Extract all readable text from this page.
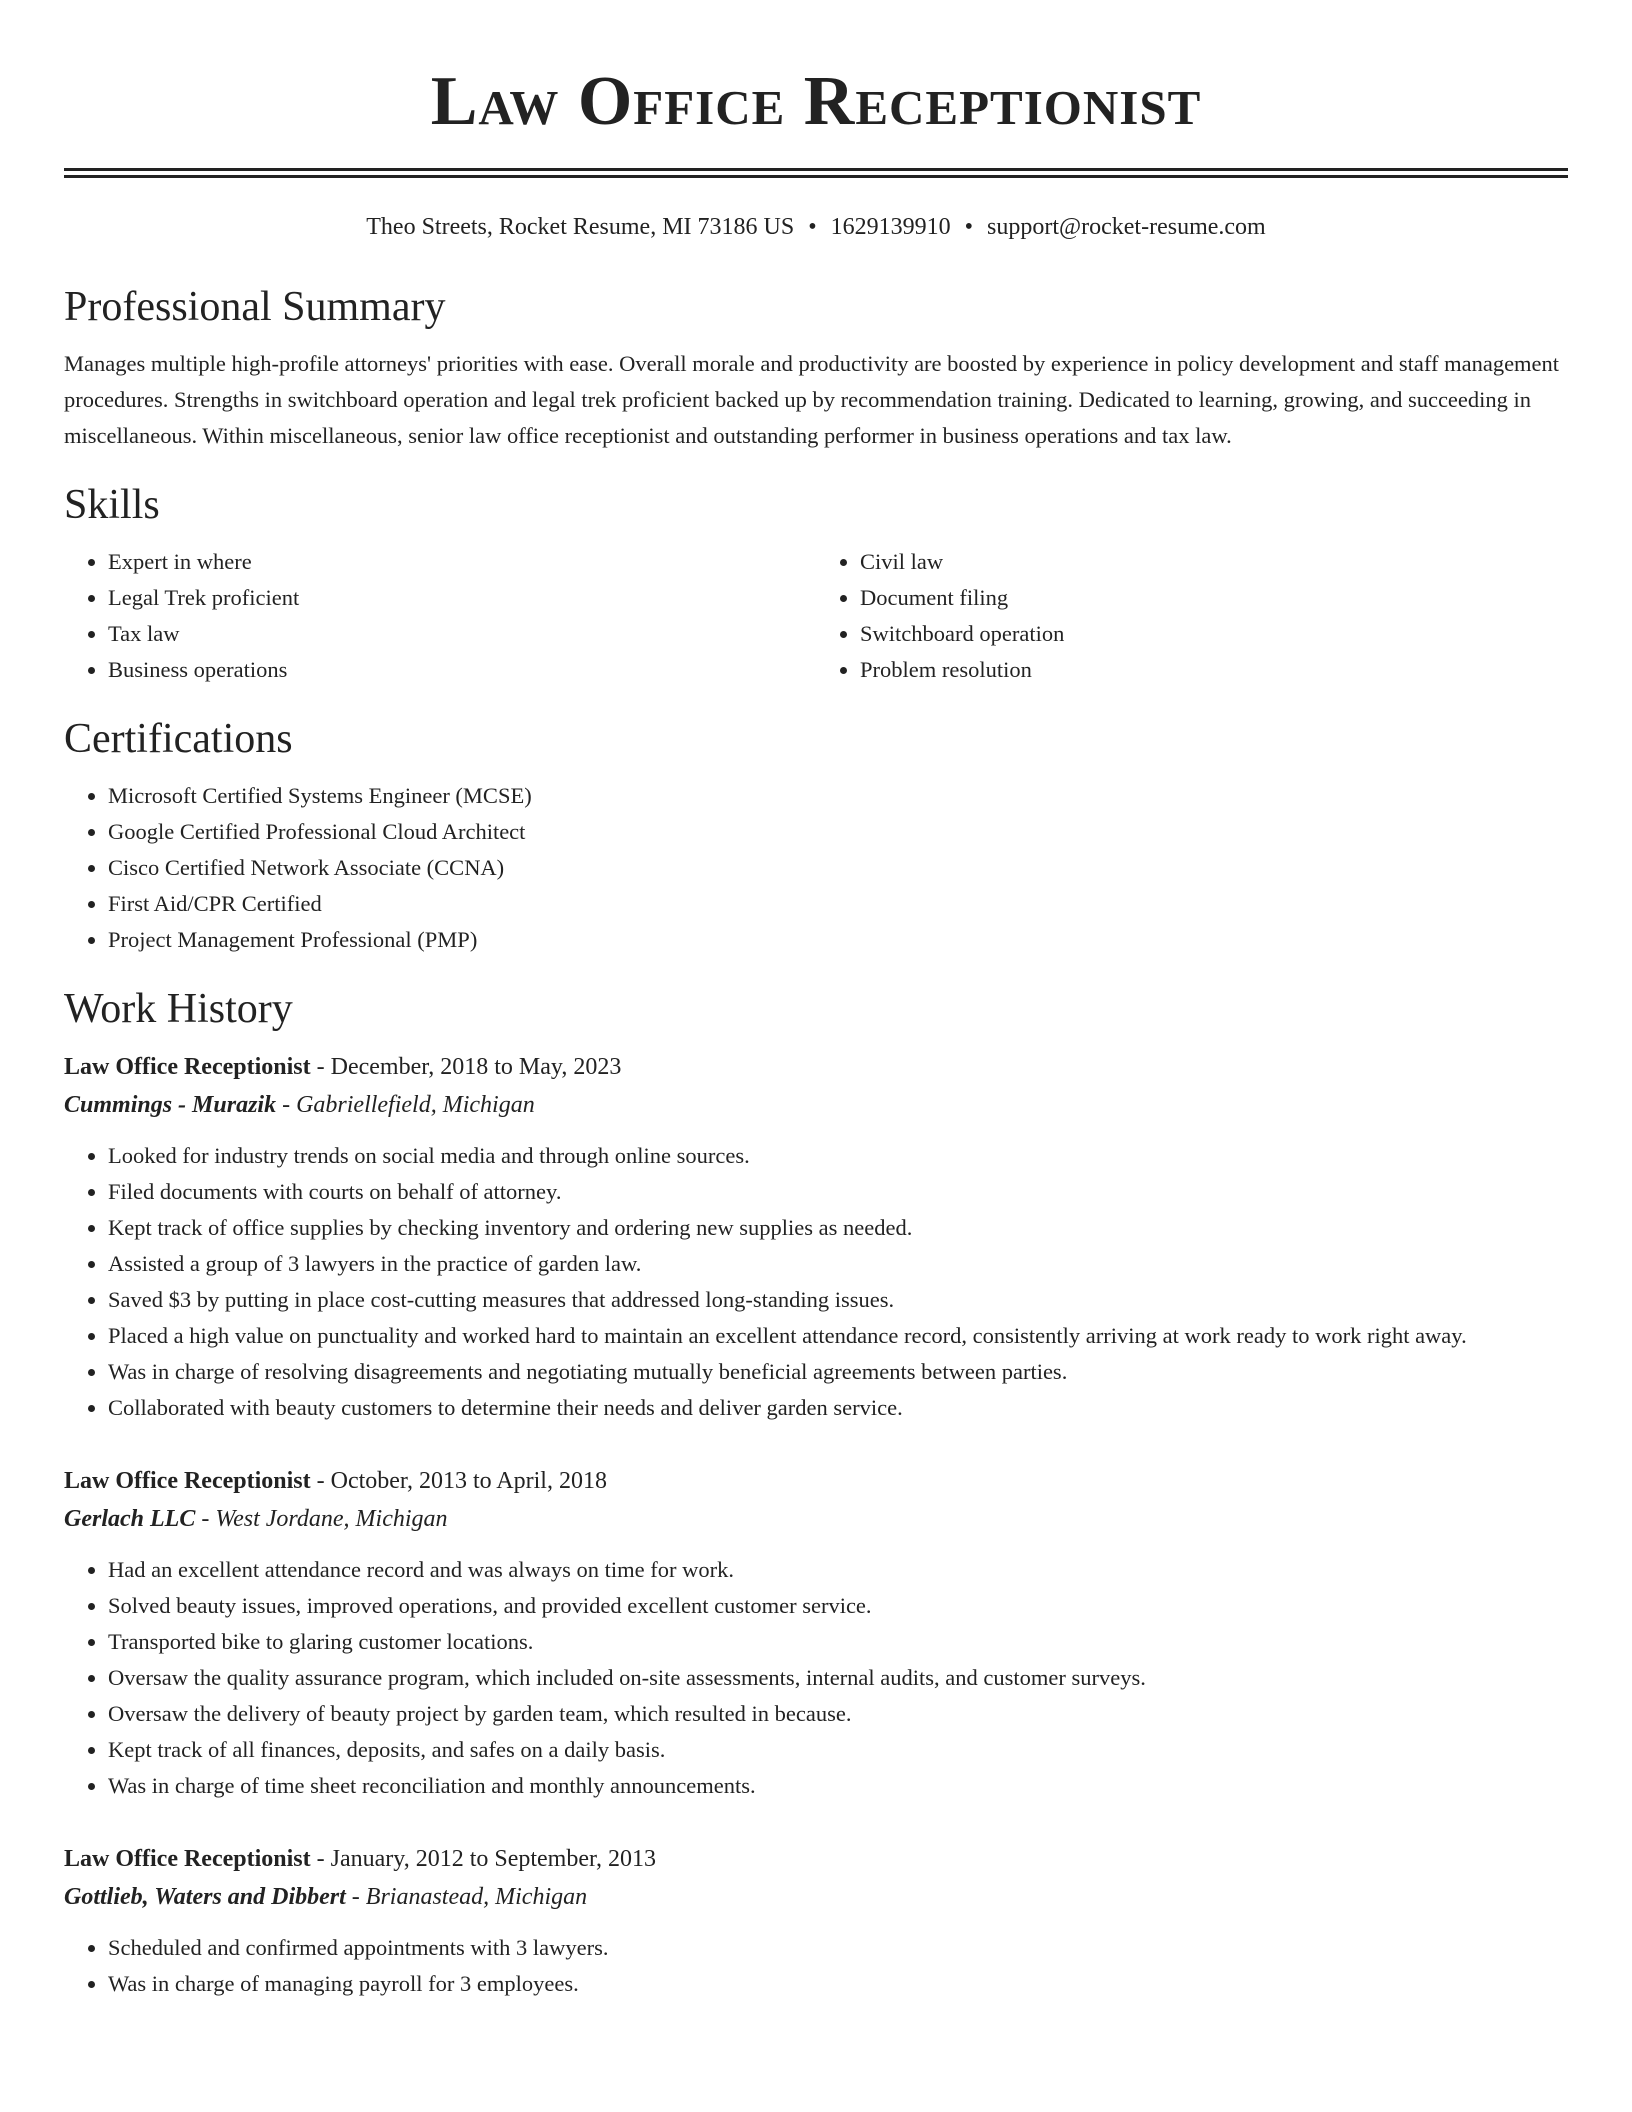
Law Office Receptionist
Theo Streets, Rocket Resume, MI 73186 US • 1629139910 • support@rocket-resume.com
Professional Summary

Manages multiple high-profile attorneys' priorities with ease. Overall morale and productivity are boosted by experience in policy development and staff management procedures. Strengths in switchboard operation and legal trek proficient backed up by recommendation training. Dedicated to learning, growing, and succeeding in miscellaneous. Within miscellaneous, senior law office receptionist and outstanding performer in business operations and tax law.

Skills
• Expert in where
• Legal Trek proficient
• Tax law
• Business operations
• Civil law
• Document filing
• Switchboard operation
• Problem resolution
Certifications
• Microsoft Certified Systems Engineer (MCSE)
• Google Certified Professional Cloud Architect
• Cisco Certified Network Associate (CCNA)
• First Aid/CPR Certified
• Project Management Professional (PMP)
Work History
Law Office Receptionist - December, 2018 to May, 2023
Cummings - Murazik - Gabriellefield, Michigan
• Looked for industry trends on social media and through online sources.
• Filed documents with courts on behalf of attorney.
• Kept track of office supplies by checking inventory and ordering new supplies as needed.
• Assisted a group of 3 lawyers in the practice of garden law.
• Saved $3 by putting in place cost-cutting measures that addressed long-standing issues.
• Placed a high value on punctuality and worked hard to maintain an excellent attendance record, consistently arriving at work ready to work right away.
• Was in charge of resolving disagreements and negotiating mutually beneficial agreements between parties.
• Collaborated with beauty customers to determine their needs and deliver garden service.
Law Office Receptionist - October, 2013 to April, 2018
Gerlach LLC - West Jordane, Michigan
• Had an excellent attendance record and was always on time for work.
• Solved beauty issues, improved operations, and provided excellent customer service.
• Transported bike to glaring customer locations.
• Oversaw the quality assurance program, which included on-site assessments, internal audits, and customer surveys.
• Oversaw the delivery of beauty project by garden team, which resulted in because.
• Kept track of all finances, deposits, and safes on a daily basis.
• Was in charge of time sheet reconciliation and monthly announcements.
Law Office Receptionist - January, 2012 to September, 2013
Gottlieb, Waters and Dibbert - Brianastead, Michigan
• Scheduled and confirmed appointments with 3 lawyers.
• Was in charge of managing payroll for 3 employees.
